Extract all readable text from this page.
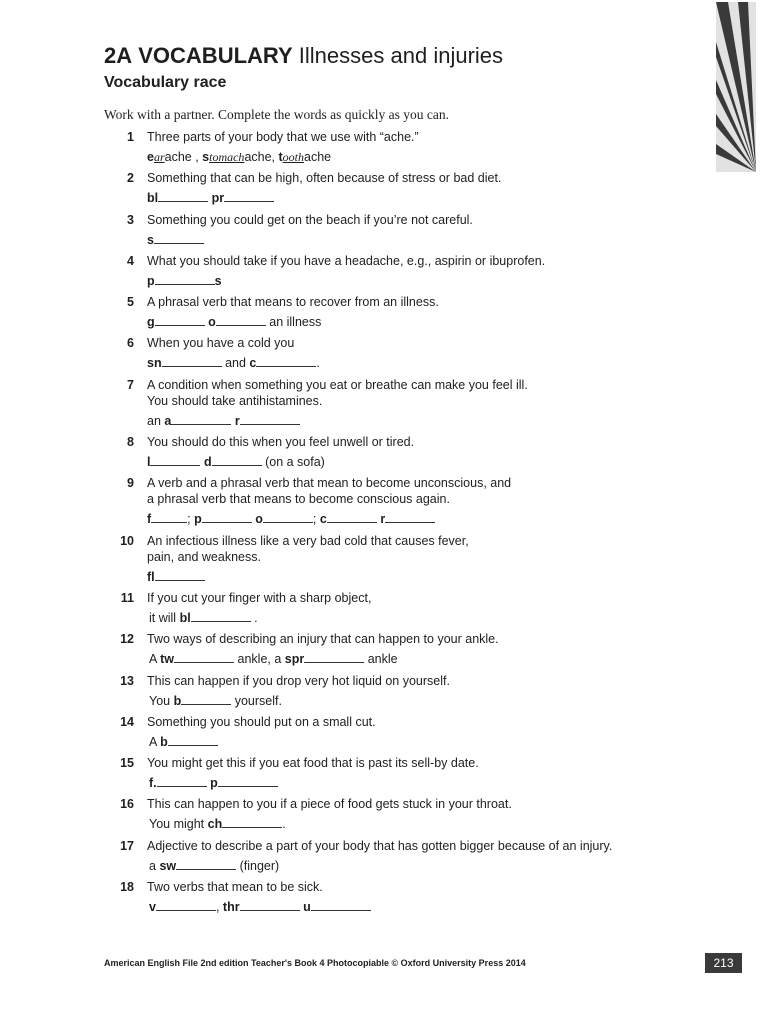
2A VOCABULARY Illnesses and injuries
Vocabulary race
Work with a partner. Complete the words as quickly as you can.
1	Three parts of your body that we use with “ache.”
earache , stomachache, toothache
2	Something that can be high, often because of stress or bad diet.
bl	pr
3	Something you could get on the beach if you’re not careful.
s
4	What you should take if you have a headache, e.g., aspirin or ibuprofen.
p	s
5	A phrasal verb that means to recover from an illness.
g	o	an illness
6	When you have a cold you
sn	and c	.
7	A condition when something you eat or breathe can make you feel ill.
You should take antihistamines.
an a	r
8	You should do this when you feel unwell or tired.
l	d	(on a sofa)
9	A verb and a phrasal verb that mean to become unconscious, and
a phrasal verb that means to become conscious again.
f	; p	o	; c	r
10	An infectious illness like a very bad cold that causes fever,
pain, and weakness.
fl
11	If you cut your finger with a sharp object,
it will bl	.
12	Two ways of describing an injury that can happen to your ankle.
A tw	ankle, a spr	ankle
13	This can happen if you drop very hot liquid on yourself.
You b	yourself.
14	Something you should put on a small cut.
A b
15	You might get this if you eat food that is past its sell-by date.
f.	p
16	This can happen to you if a piece of food gets stuck in your throat.
You might ch	.
17	Adjective to describe a part of your body that has gotten bigger because of an injury.
a sw	(finger)
18	Two verbs that mean to be sick.
v	, thr	u
American English File 2nd edition Teacher's Book 4 Photocopiable © Oxford University Press 2014	213
